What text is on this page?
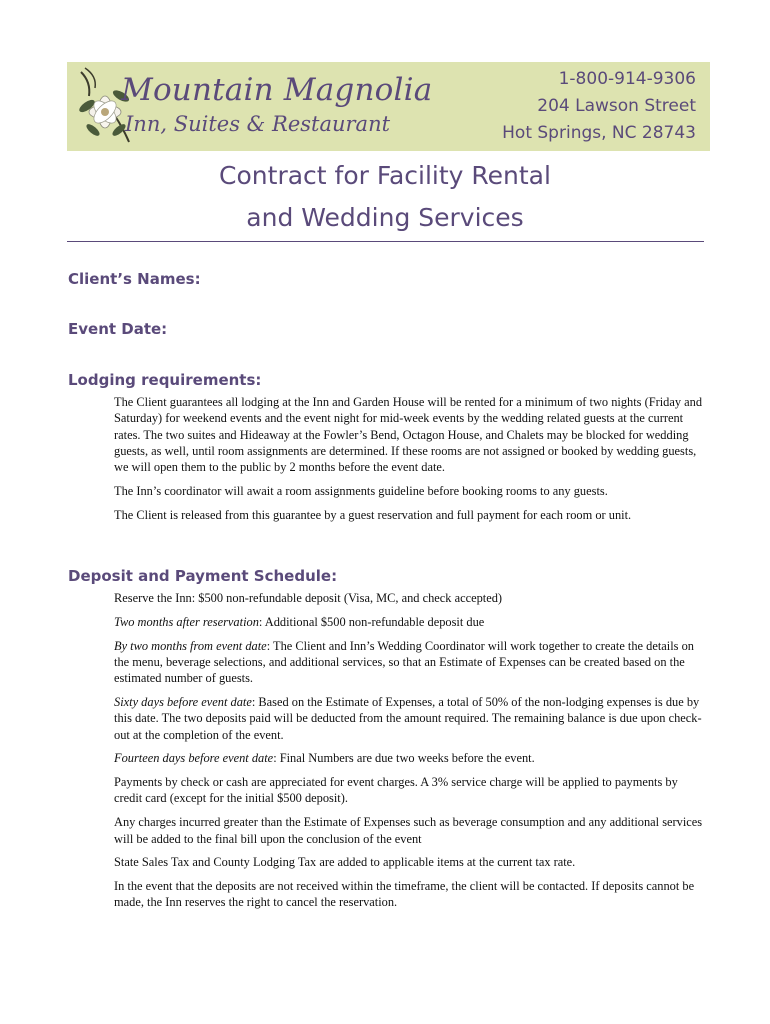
Mountain Magnolia
Inn, Suites & Restaurant
1-800-914-9306
204 Lawson Street
Hot Springs, NC 28743
Contract for Facility Rental
and Wedding Services
Client’s Names:
Event Date:
Lodging requirements:

The Client guarantees all lodging at the Inn and Garden House will be rented for a minimum of two nights (Friday and Saturday) for weekend events and the event night for mid-week events by the wedding related guests at the current rates. The two suites and Hideaway at the Fowler’s Bend, Octagon House, and Chalets may be blocked for wedding guests, as well, until room assignments are determined. If these rooms are not assigned or booked by wedding guests, we will open them to the public by 2 months before the event date.

The Inn’s coordinator will await a room assignments guideline before booking rooms to any guests.

The Client is released from this guarantee by a guest reservation and full payment for each room or unit.

Deposit and Payment Schedule:

Reserve the Inn: $500 non-refundable deposit (Visa, MC, and check accepted)

Two months after reservation: Additional $500 non-refundable deposit due

By two months from event date: The Client and Inn’s Wedding Coordinator will work together to create the details on the menu, beverage selections, and additional services, so that an Estimate of Expenses can be created based on the estimated number of guests.

Sixty days before event date: Based on the Estimate of Expenses, a total of 50% of the non-lodging expenses is due by this date. The two deposits paid will be deducted from the amount required. The remaining balance is due upon check-out at the completion of the event.

Fourteen days before event date: Final Numbers are due two weeks before the event.

Payments by check or cash are appreciated for event charges. A 3% service charge will be applied to payments by credit card (except for the initial $500 deposit).

Any charges incurred greater than the Estimate of Expenses such as beverage consumption and any additional services will be added to the final bill upon the conclusion of the event

State Sales Tax and County Lodging Tax are added to applicable items at the current tax rate.

In the event that the deposits are not received within the timeframe, the client will be contacted. If deposits cannot be made, the Inn reserves the right to cancel the reservation.
